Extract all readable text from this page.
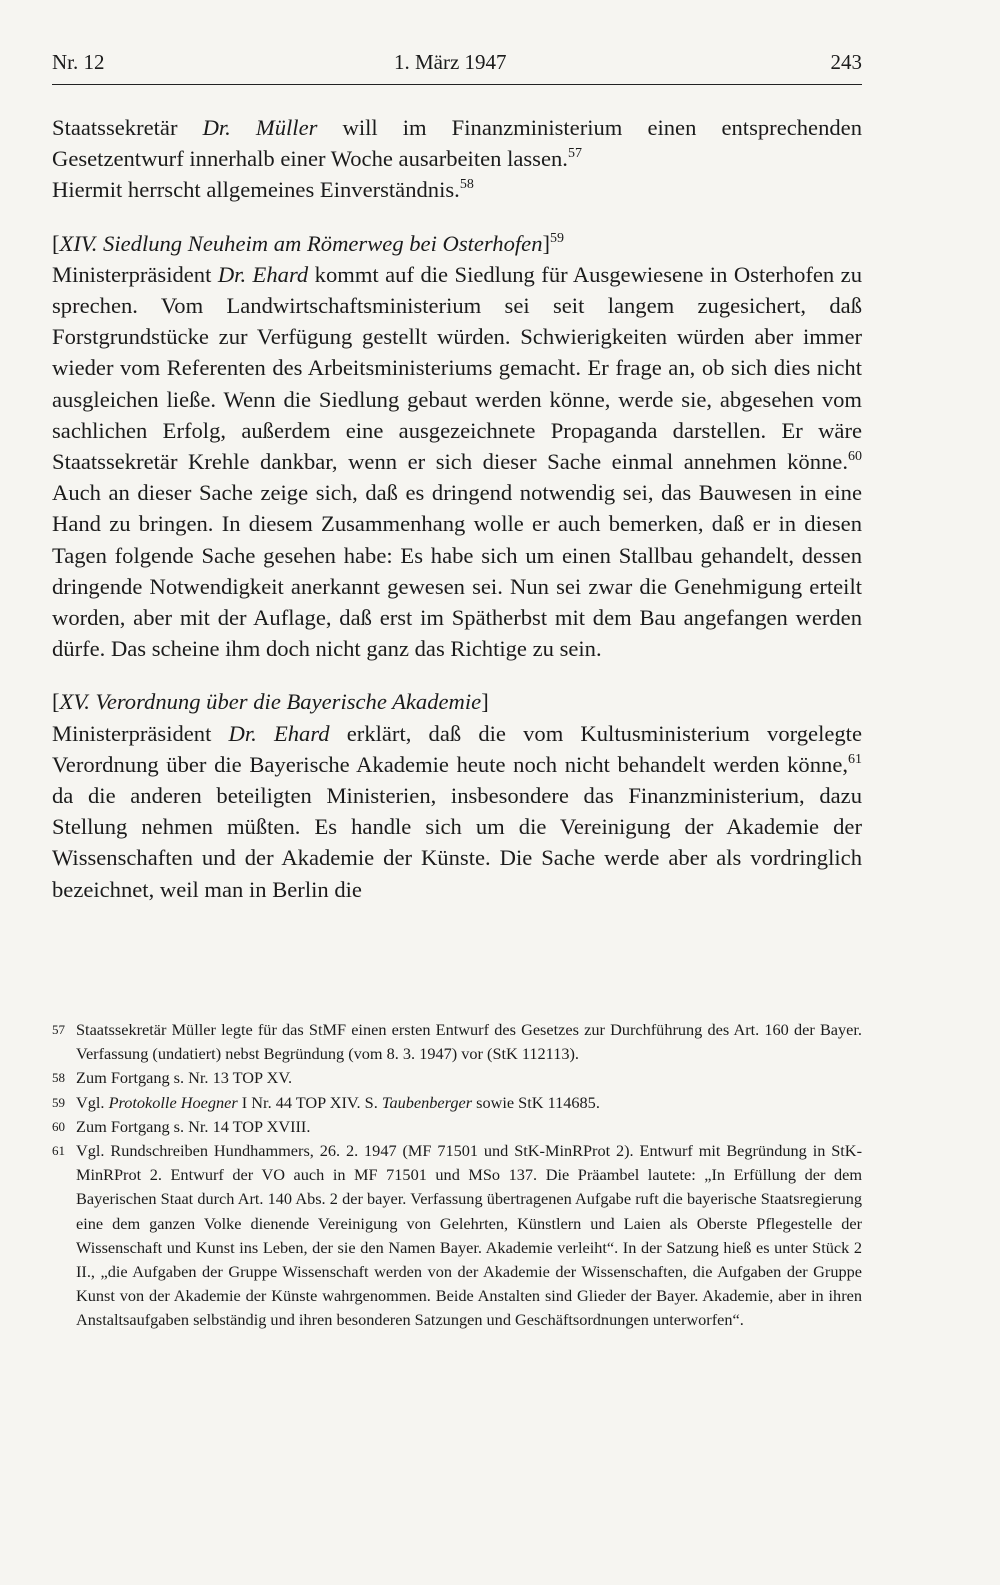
Nr. 12	1. März 1947	243

Staatssekretär Dr. Müller will im Finanzministerium einen entsprechenden Gesetzentwurf innerhalb einer Woche ausarbeiten lassen.$^{57}$

Hiermit herrscht allgemeines Einverständnis.$^{58}$

[XIV. Siedlung Neuheim am Römerweg bei Osterhofen]$^{59}$

Ministerpräsident Dr. Ehard kommt auf die Siedlung für Ausgewiesene in Osterhofen zu sprechen. Vom Landwirtschaftsministerium sei seit langem zugesichert, daß Forstgrundstücke zur Verfügung gestellt würden. Schwierigkeiten würden aber immer wieder vom Referenten des Arbeitsministeriums gemacht. Er frage an, ob sich dies nicht ausgleichen ließe. Wenn die Siedlung gebaut werden könne, werde sie, abgesehen vom sachlichen Erfolg, außerdem eine ausgezeichnete Propaganda darstellen. Er wäre Staatssekretär Krehle dankbar, wenn er sich dieser Sache einmal annehmen könne.$^{60}$ Auch an dieser Sache zeige sich, daß es dringend notwendig sei, das Bauwesen in eine Hand zu bringen. In diesem Zusammenhang wolle er auch bemerken, daß er in diesen Tagen folgende Sache gesehen habe: Es habe sich um einen Stallbau gehandelt, dessen dringende Notwendigkeit anerkannt gewesen sei. Nun sei zwar die Genehmigung erteilt worden, aber mit der Auflage, daß erst im Spätherbst mit dem Bau angefangen werden dürfe. Das scheine ihm doch nicht ganz das Richtige zu sein.

[XV. Verordnung über die Bayerische Akademie]

Ministerpräsident Dr. Ehard erklärt, daß die vom Kultusministerium vorgelegte Verordnung über die Bayerische Akademie heute noch nicht behandelt werden könne,$^{61}$ da die anderen beteiligten Ministerien, insbesondere das Finanzministerium, dazu Stellung nehmen müßten. Es handle sich um die Vereinigung der Akademie der Wissenschaften und der Akademie der Künste. Die Sache werde aber als vordringlich bezeichnet, weil man in Berlin die

57 Staatssekretär Müller legte für das StMF einen ersten Entwurf des Gesetzes zur Durchführung des Art. 160 der Bayer. Verfassung (undatiert) nebst Begründung (vom 8. 3. 1947) vor (StK 112113).
58 Zum Fortgang s. Nr. 13 TOP XV.
59 Vgl. Protokolle Hoegner I Nr. 44 TOP XIV. S. Taubenberger sowie StK 114685.
60 Zum Fortgang s. Nr. 14 TOP XVIII.
61 Vgl. Rundschreiben Hundhammers, 26. 2. 1947 (MF 71501 und StK-MinRProt 2). Entwurf mit Begründung in StK-MinRProt 2. Entwurf der VO auch in MF 71501 und MSo 137. Die Präambel lautete: „In Erfüllung der dem Bayerischen Staat durch Art. 140 Abs. 2 der bayer. Verfassung übertragenen Aufgabe ruft die bayerische Staatsregierung eine dem ganzen Volke dienende Vereinigung von Gelehrten, Künstlern und Laien als Oberste Pflegestelle der Wissenschaft und Kunst ins Leben, der sie den Namen Bayer. Akademie verleiht“. In der Satzung hieß es unter Stück 2 II., „die Aufgaben der Gruppe Wissenschaft werden von der Akademie der Wissenschaften, die Aufgaben der Gruppe Kunst von der Akademie der Künste wahrgenommen. Beide Anstalten sind Glieder der Bayer. Akademie, aber in ihren Anstaltsaufgaben selbständig und ihren besonderen Satzungen und Geschäftsordnungen unterworfen“.
